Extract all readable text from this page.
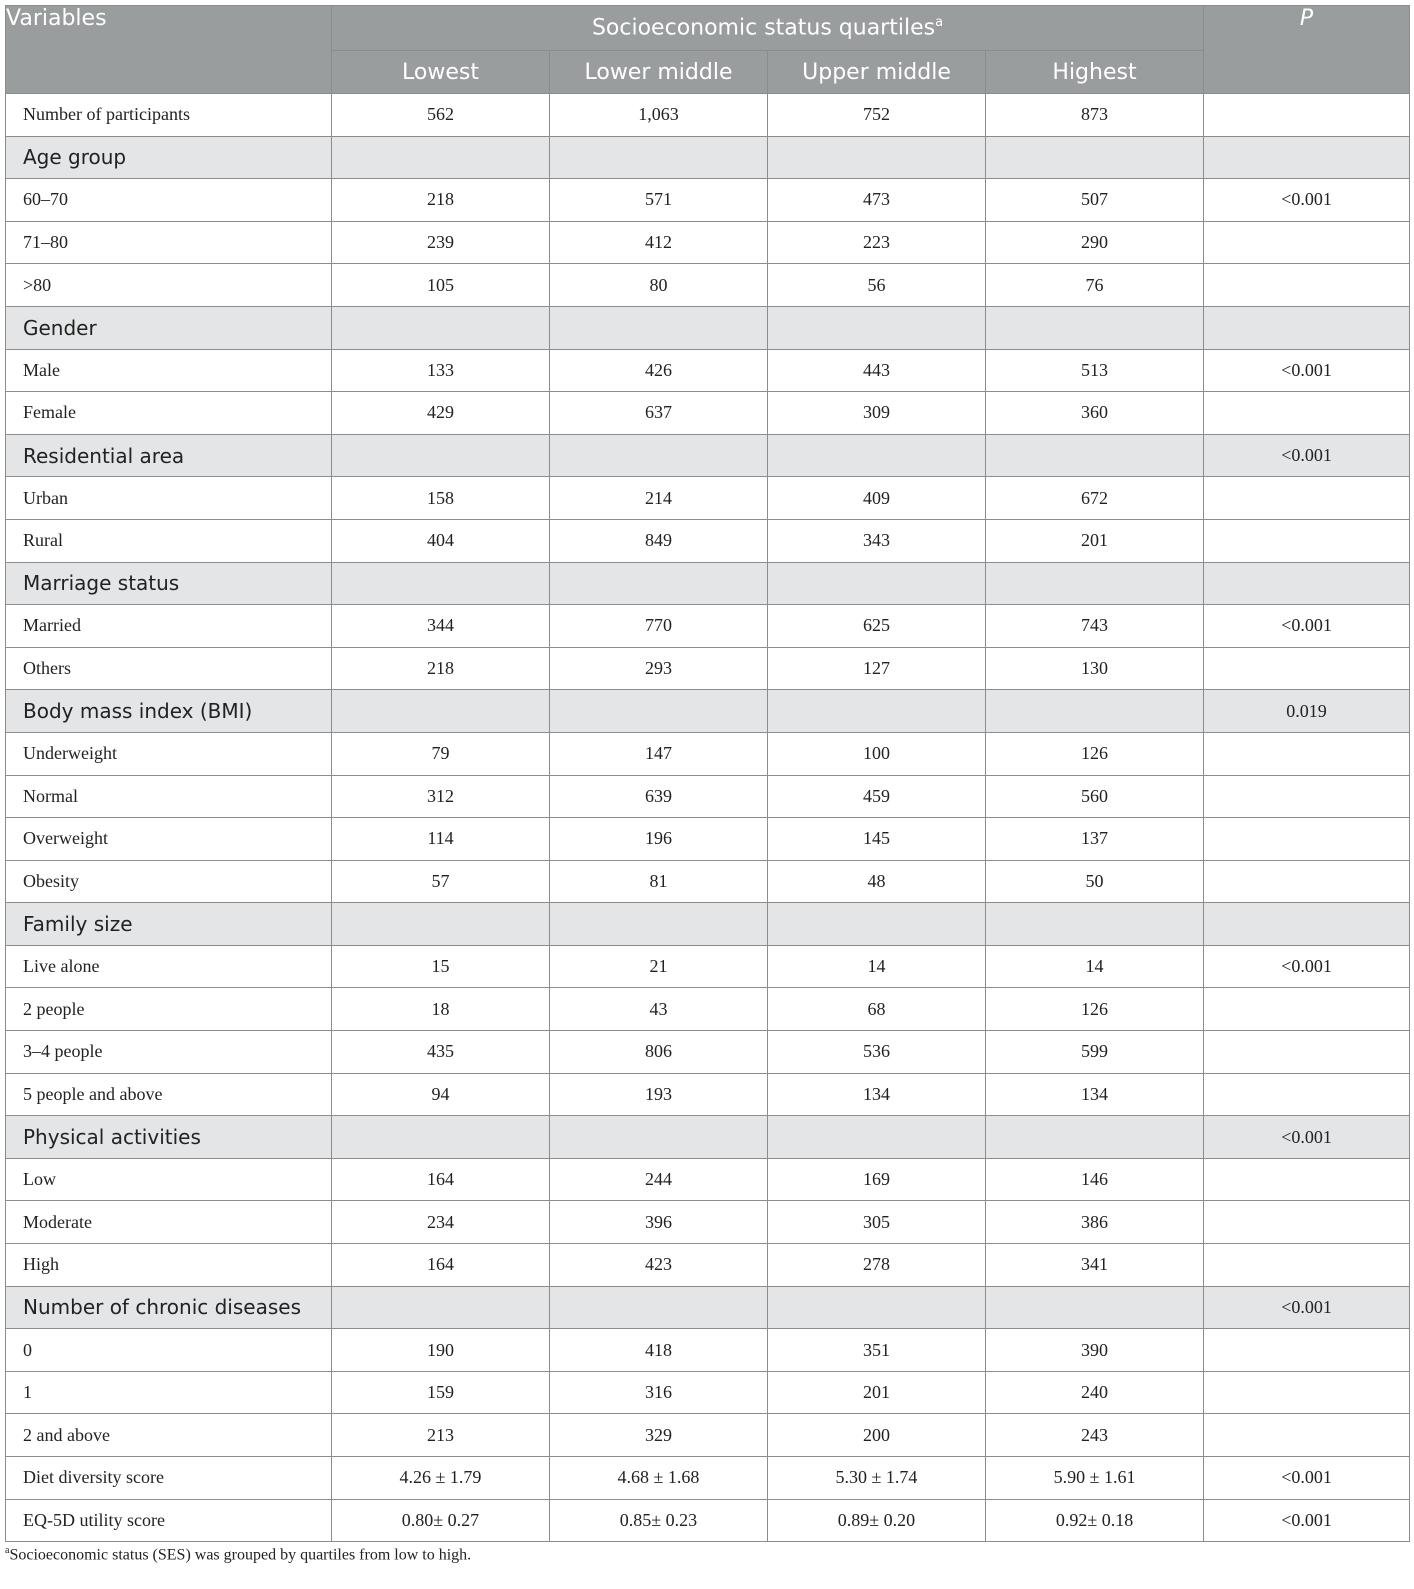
Variables	Socioeconomic status quartiles$^a$				P
	Lowest	Lower middle	Upper middle	Highest	
Number of participants	562	1,063	752	873	
Age group					
60–70	218	571	473	507	<0.001
71–80	239	412	223	290	
>80	105	80	56	76	
Gender					
Male	133	426	443	513	<0.001
Female	429	637	309	360	
Residential area					<0.001
Urban	158	214	409	672	
Rural	404	849	343	201	
Marriage status					
Married	344	770	625	743	<0.001
Others	218	293	127	130	
Body mass index (BMI)					0.019
Underweight	79	147	100	126	
Normal	312	639	459	560	
Overweight	114	196	145	137	
Obesity	57	81	48	50	
Family size					
Live alone	15	21	14	14	<0.001
2 people	18	43	68	126	
3–4 people	435	806	536	599	
5 people and above	94	193	134	134	
Physical activities					<0.001
Low	164	244	169	146	
Moderate	234	396	305	386	
High	164	423	278	341	
Number of chronic diseases					<0.001
0	190	418	351	390	
1	159	316	201	240	
2 and above	213	329	200	243	
Diet diversity score	4.26 ± 1.79	4.68 ± 1.68	5.30 ± 1.74	5.90 ± 1.61	<0.001
EQ-5D utility score	0.80± 0.27	0.85± 0.23	0.89± 0.20	0.92± 0.18	<0.001
$^a$Socioeconomic status (SES) was grouped by quartiles from low to high.
